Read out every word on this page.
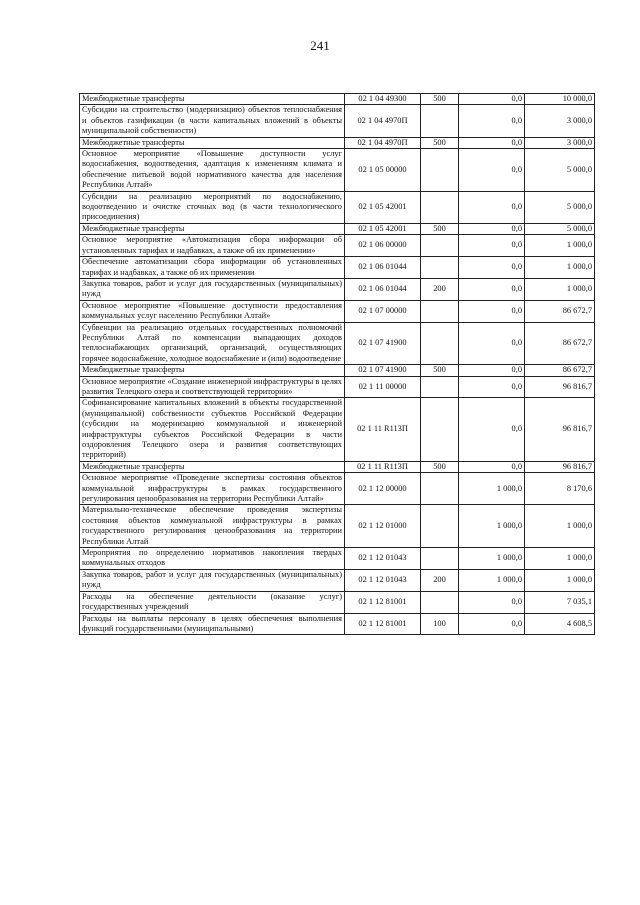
241
Межбюджетные трансферты	02 1 04 49300	500	0,0	10 000,0
Субсидии на строительство (модернизацию) объектов теплоснабжения и объектов газификации (в части капитальных вложений в объекты муниципальной собственности)	02 1 04 4970П		0,0	3 000,0
Межбюджетные трансферты	02 1 04 4970П	500	0,0	3 000,0
Основное мероприятие «Повышение доступности услуг водоснабжения, водоотведения, адаптация к изменениям климата и обеспечение питьевой водой нормативного качества для населения Республики Алтай»	02 1 05 00000		0,0	5 000,0
Субсидии на реализацию мероприятий по водоснабжению, водоотведению и очистке сточных вод (в части технологического присоединения)	02 1 05 42001		0,0	5 000,0
Межбюджетные трансферты	02 1 05 42001	500	0,0	5 000,0
Основное мероприятие «Автоматизация сбора информации об установленных тарифах и надбавках, а также об их применении»	02 1 06 00000		0,0	1 000,0
Обеспечение автоматизации сбора информации об установленных тарифах и надбавках, а также об их применении	02 1 06 01044		0,0	1 000,0
Закупка товаров, работ и услуг для государственных (муниципальных) нужд	02 1 06 01044	200	0,0	1 000,0
Основное мероприятие «Повышение доступности предоставления коммунальных услуг населению Республики Алтай»	02 1 07 00000		0,0	86 672,7
Субвенции на реализацию отдельных государственных полномочий Республики Алтай по компенсации выпадающих доходов теплоснабжающих организаций, организаций, осуществляющих горячее водоснабжение, холодное водоснабжение и (или) водоотведение	02 1 07 41900		0,0	86 672,7
Межбюджетные трансферты	02 1 07 41900	500	0,0	86 672,7
Основное мероприятие «Создание инженерной инфраструктуры в целях развития Телецкого озера и соответствующей территории»	02 1 11 00000		0,0	96 816,7
Софинансирование капитальных вложений в объекты государственной (муниципальной) собственности субъектов Российской Федерации (субсидии на модернизацию коммунальной и инженерной инфраструктуры субъектов Российской Федерации в части оздоровления Телецкого озера и развития соответствующих территорий)	02 1 11 R113П		0,0	96 816,7
Межбюджетные трансферты	02 1 11 R113П	500	0,0	96 816,7
Основное мероприятие «Проведение экспертизы состояния объектов коммунальной инфраструктуры в рамках государственного регулирования ценообразования на территории Республики Алтай»	02 1 12 00000		1 000,0	8 170,6
Материально-техническое обеспечение проведения экспертизы состояния объектов коммунальной инфраструктуры в рамках государственного регулирования ценообразования на территории Республики Алтай	02 1 12 01000		1 000,0	1 000,0
Мероприятия по определению нормативов накопления твердых коммунальных отходов	02 1 12 01043		1 000,0	1 000,0
Закупка товаров, работ и услуг для государственных (муниципальных) нужд	02 1 12 01043	200	1 000,0	1 000,0
Расходы на обеспечение деятельности (оказание услуг) государственных учреждений	02 1 12 81001		0,0	7 035,1
Расходы на выплаты персоналу в целях обеспечения выполнения функций государственными (муниципальными)	02 1 12 81001	100	0,0	4 608,5
